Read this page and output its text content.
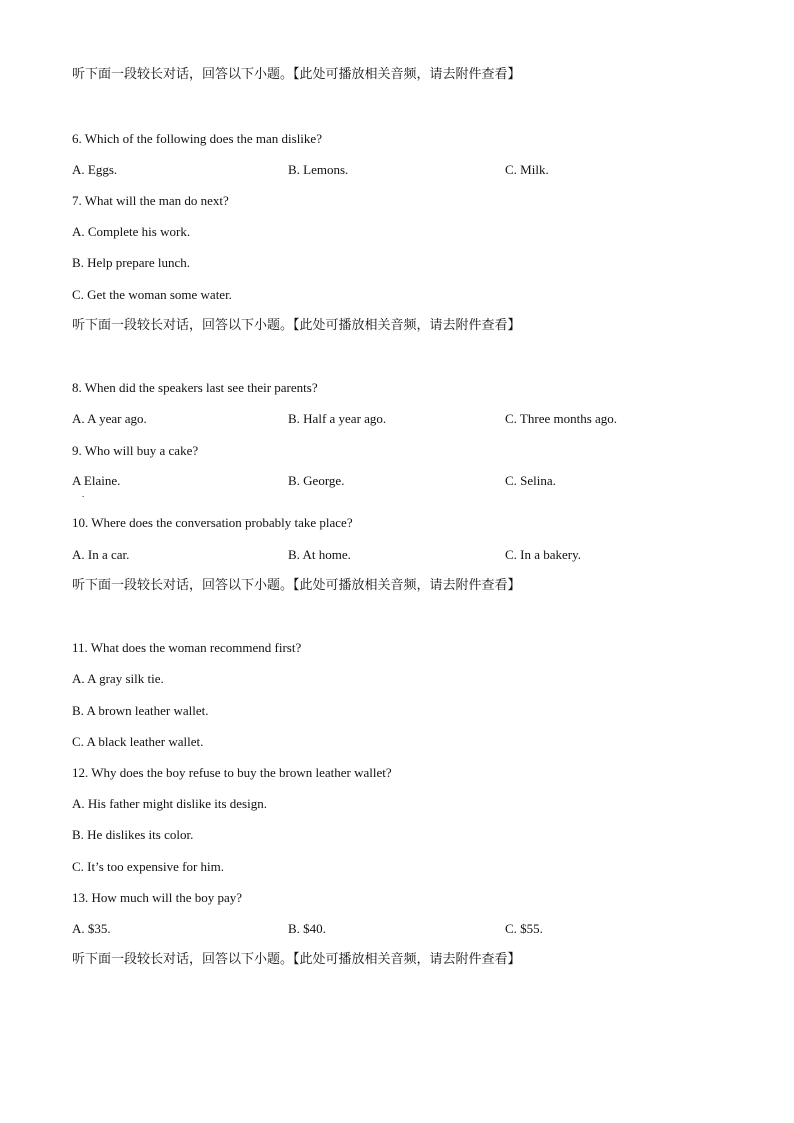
听下面一段较长对话，回答以下小题。【此处可播放相关音频，请去附件查看】
6. Which of the following does the man dislike?
A. Eggs.	B. Lemons.	C. Milk.
7. What will the man do next?
A. Complete his work.
B. Help prepare lunch.
C. Get the woman some water.
听下面一段较长对话，回答以下小题。【此处可播放相关音频，请去附件查看】
8. When did the speakers last see their parents?
A. A year ago.	B. Half a year ago.	C. Three months ago.
9. Who will buy a cake?
A Elaine.	B. George.	C. Selina.
.
10. Where does the conversation probably take place?
A. In a car.	B. At home.	C. In a bakery.
听下面一段较长对话，回答以下小题。【此处可播放相关音频，请去附件查看】
11. What does the woman recommend first?
A. A gray silk tie.
B. A brown leather wallet.
C. A black leather wallet.
12. Why does the boy refuse to buy the brown leather wallet?
A. His father might dislike its design.
B. He dislikes its color.
C. It’s too expensive for him.
13. How much will the boy pay?
A. $35.	B. $40.	C. $55.
听下面一段较长对话，回答以下小题。【此处可播放相关音频，请去附件查看】
